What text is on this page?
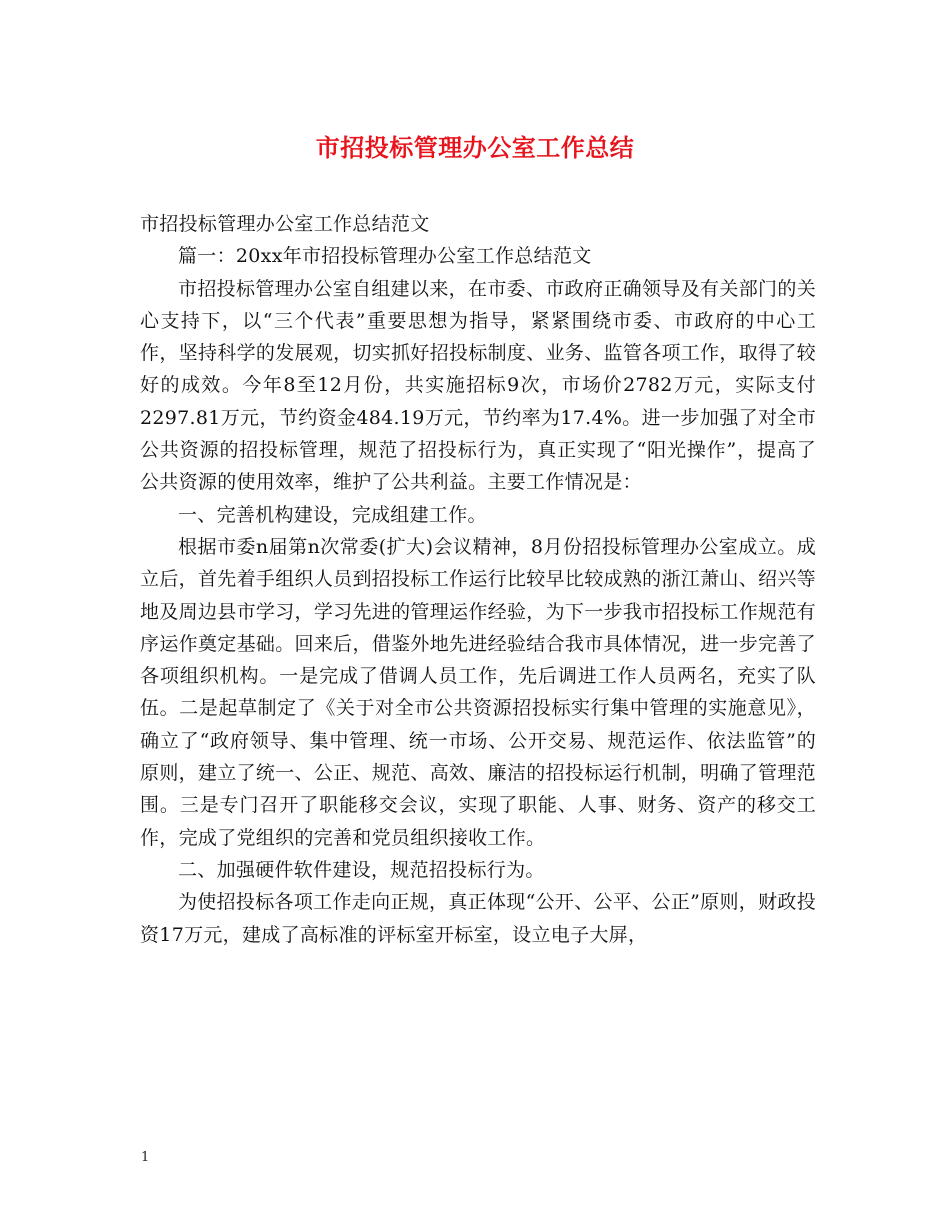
市招投标管理办公室工作总结

市招投标管理办公室工作总结范文

篇一：20xx年市招投标管理办公室工作总结范文

市招投标管理办公室自组建以来，在市委、市政府正确领导及有关部门的关心支持下，以“三个代表”重要思想为指导，紧紧围绕市委、市政府的中心工作，坚持科学的发展观，切实抓好招投标制度、业务、监管各项工作，取得了较好的成效。今年8至12月份，共实施招标9次，市场价2782万元，实际支付 2297.81万元，节约资金484.19万元，节约率为17.4%。进一步加强了对全市公共资源的招投标管理，规范了招投标行为，真正实现了“阳光操作”，提高了公共资源的使用效率，维护了公共利益。主要工作情况是：

一、完善机构建设，完成组建工作。

根据市委n届第n次常委(扩大)会议精神，8月份招投标管理办公室成立。成立后，首先着手组织人员到招投标工作运行比较早比较成熟的浙江萧山、绍兴等地及周边县市学习，学习先进的管理运作经验，为下一步我市招投标工作规范有序运作奠定基础。回来后，借鉴外地先进经验结合我市具体情况，进一步完善了各项组织机构。一是完成了借调人员工作，先后调进工作人员两名，充实了队伍。二是起草制定了《关于对全市公共资源招投标实行集中管理的实施意见》，确立了“政府领导、集中管理、统一市场、公开交易、规范运作、依法监管”的原则，建立了统一、公正、规范、高效、廉洁的招投标运行机制，明确了管理范围。三是专门召开了职能移交会议，实现了职能、人事、财务、资产的移交工作，完成了党组织的完善和党员组织接收工作。

二、加强硬件软件建设，规范招投标行为。

为使招投标各项工作走向正规，真正体现“公开、公平、公正”原则，财政投资17万元，建成了高标准的评标室开标室，设立电子大屏，

1
